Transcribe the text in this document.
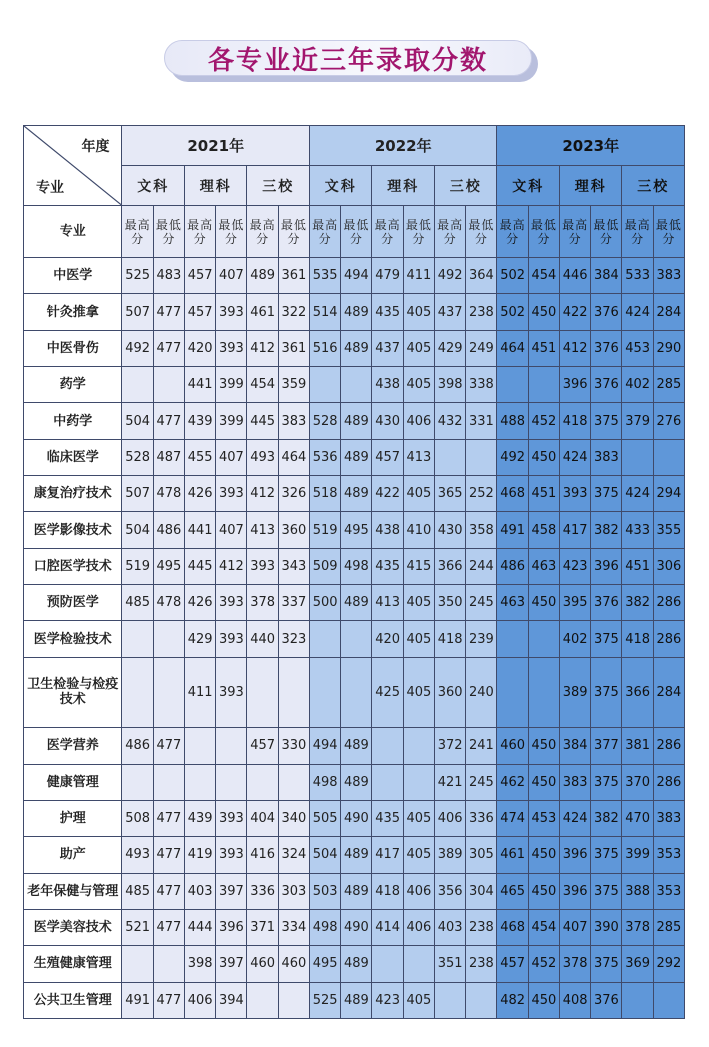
各专业近三年录取分数
年度
专业	2021年						2022年						2023年					
	文科		理科		三校		文科		理科		三校		文科		理科		三校	
专业	最高分	最低分	最高分	最低分	最高分	最低分	最高分	最低分	最高分	最低分	最高分	最低分	最高分	最低分	最高分	最低分	最高分	最低分
中医学	525	483	457	407	489	361	535	494	479	411	492	364	502	454	446	384	533	383
针灸推拿	507	477	457	393	461	322	514	489	435	405	437	238	502	450	422	376	424	284
中医骨伤	492	477	420	393	412	361	516	489	437	405	429	249	464	451	412	376	453	290
药学			441	399	454	359			438	405	398	338			396	376	402	285
中药学	504	477	439	399	445	383	528	489	430	406	432	331	488	452	418	375	379	276
临床医学	528	487	455	407	493	464	536	489	457	413			492	450	424	383		
康复治疗技术	507	478	426	393	412	326	518	489	422	405	365	252	468	451	393	375	424	294
医学影像技术	504	486	441	407	413	360	519	495	438	410	430	358	491	458	417	382	433	355
口腔医学技术	519	495	445	412	393	343	509	498	435	415	366	244	486	463	423	396	451	306
预防医学	485	478	426	393	378	337	500	489	413	405	350	245	463	450	395	376	382	286
医学检验技术			429	393	440	323			420	405	418	239			402	375	418	286
卫生检验与检疫技术			411	393					425	405	360	240			389	375	366	284
医学营养	486	477			457	330	494	489			372	241	460	450	384	377	381	286
健康管理							498	489			421	245	462	450	383	375	370	286
护理	508	477	439	393	404	340	505	490	435	405	406	336	474	453	424	382	470	383
助产	493	477	419	393	416	324	504	489	417	405	389	305	461	450	396	375	399	353
老年保健与管理	485	477	403	397	336	303	503	489	418	406	356	304	465	450	396	375	388	353
医学美容技术	521	477	444	396	371	334	498	490	414	406	403	238	468	454	407	390	378	285
生殖健康管理			398	397	460	460	495	489			351	238	457	452	378	375	369	292
公共卫生管理	491	477	406	394			525	489	423	405			482	450	408	376		
